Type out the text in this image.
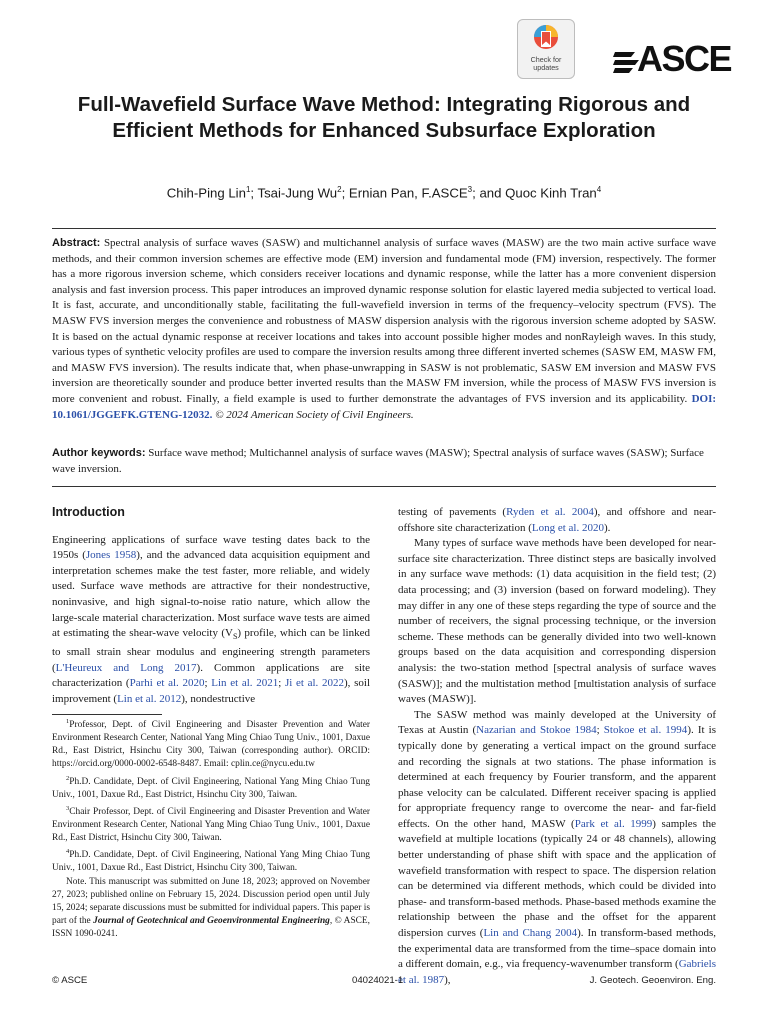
Check for
updates	ASCE
Full-Wavefield Surface Wave Method: Integrating Rigorous and Efficient Methods for Enhanced Subsurface Exploration
Chih-Ping Lin$^1$; Tsai-Jung Wu$^2$; Ernian Pan, F.ASCE$^3$; and Quoc Kinh Tran$^4$
Abstract: Spectral analysis of surface waves (SASW) and multichannel analysis of surface waves (MASW) are the two main active surface wave methods, and their common inversion schemes are effective mode (EM) inversion and fundamental mode (FM) inversion, respectively. The former has a more rigorous inversion scheme, which considers receiver locations and dynamic response, while the latter has a more convenient dispersion analysis and fast inversion process. This paper introduces an improved dynamic response solution for elastic layered media subjected to vertical load. It is fast, accurate, and unconditionally stable, facilitating the full-wavefield inversion in terms of the frequency–velocity spectrum (FVS). The MASW FVS inversion merges the convenience and robustness of MASW dispersion analysis with the rigorous inversion scheme adopted by SASW. It is based on the actual dynamic response at receiver locations and takes into account possible higher modes and nonRayleigh waves. In this study, various types of synthetic velocity profiles are used to compare the inversion results among three different inverted schemes (SASW EM, MASW FM, and MASW FVS inversion). The results indicate that, when phase-unwrapping in SASW is not problematic, SASW EM inversion and MASW FVS inversion are theoretically sounder and produce better inverted results than the MASW FM inversion, while the process of MASW FVS inversion is more convenient and robust. Finally, a field example is used to further demonstrate the advantages of FVS inversion and its applicability. DOI: 10.1061/JGGEFK.GTENG-12032. © 2024 American Society of Civil Engineers.
Author keywords: Surface wave method; Multichannel analysis of surface waves (MASW); Spectral analysis of surface waves (SASW); Surface wave inversion.
Introduction

Engineering applications of surface wave testing dates back to the 1950s (Jones 1958), and the advanced data acquisition equipment and interpretation schemes make the test faster, more reliable, and widely used. Surface wave methods are attractive for their nondestructive, noninvasive, and high signal-to-noise ratio nature, which allow the large-scale material characterization. Most surface wave tests are aimed at estimating the shear-wave velocity $(V_S)$ profile, which can be linked to small strain shear modulus and engineering strength parameters (L'Heureux and Long 2017). Common applications are site characterization (Parhi et al. 2020; Lin et al. 2021; Ji et al. 2022), soil improvement (Lin et al. 2012), nondestructive

$^1$Professor, Dept. of Civil Engineering and Disaster Prevention and Water Environment Research Center, National Yang Ming Chiao Tung Univ., 1001, Daxue Rd., East District, Hsinchu City 300, Taiwan (corresponding author). ORCID: https://orcid.org/0000-0002-6548-8487. Email: cplin.ce@nycu.edu.tw

$^2$Ph.D. Candidate, Dept. of Civil Engineering, National Yang Ming Chiao Tung Univ., 1001, Daxue Rd., East District, Hsinchu City 300, Taiwan.

$^3$Chair Professor, Dept. of Civil Engineering and Disaster Prevention and Water Environment Research Center, National Yang Ming Chiao Tung Univ., 1001, Daxue Rd., East District, Hsinchu City 300, Taiwan.

$^4$Ph.D. Candidate, Dept. of Civil Engineering, National Yang Ming Chiao Tung Univ., 1001, Daxue Rd., East District, Hsinchu City 300, Taiwan.

Note. This manuscript was submitted on June 18, 2023; approved on November 27, 2023; published online on February 15, 2024. Discussion period open until July 15, 2024; separate discussions must be submitted for individual papers. This paper is part of the Journal of Geotechnical and Geoenvironmental Engineering, © ASCE, ISSN 1090-0241.

testing of pavements (Ryden et al. 2004), and offshore and near-offshore site characterization (Long et al. 2020).

Many types of surface wave methods have been developed for near-surface site characterization. Three distinct steps are basically involved in any surface wave methods: (1) data acquisition in the field test; (2) data processing; and (3) inversion (based on forward modeling). They may differ in any one of these steps regarding the type of source and the number of receivers, the signal processing technique, or the inversion scheme. These methods can be generally divided into two well-known groups based on the data acquisition and corresponding dispersion analysis: the two-station method [spectral analysis of surface waves (SASW)]; and the multistation method [multistation analysis of surface waves (MASW)].

The SASW method was mainly developed at the University of Texas at Austin (Nazarian and Stokoe 1984; Stokoe et al. 1994). It is typically done by generating a vertical impact on the ground surface and recording the signals at two stations. The phase information is determined at each frequency by Fourier transform, and the apparent phase velocity can be calculated. Different receiver spacing is applied for appropriate frequency range to overcome the near- and far-field effects. On the other hand, MASW (Park et al. 1999) samples the wavefield at multiple locations (typically 24 or 48 channels), allowing better understanding of phase shift with space and the application of wavefield transformation with respect to space. The dispersion relation can be determined via different methods, which could be divided into phase- and transform-based methods. Phase-based methods examine the relationship between the phase and the offset for the apparent dispersion curves (Lin and Chang 2004). In transform-based methods, the experimental data are transformed from the time–space domain into a different domain, e.g., via frequency-wavenumber transform (Gabriels et al. 1987),

© ASCE	04024021-1	J. Geotech. Geoenviron. Eng.
